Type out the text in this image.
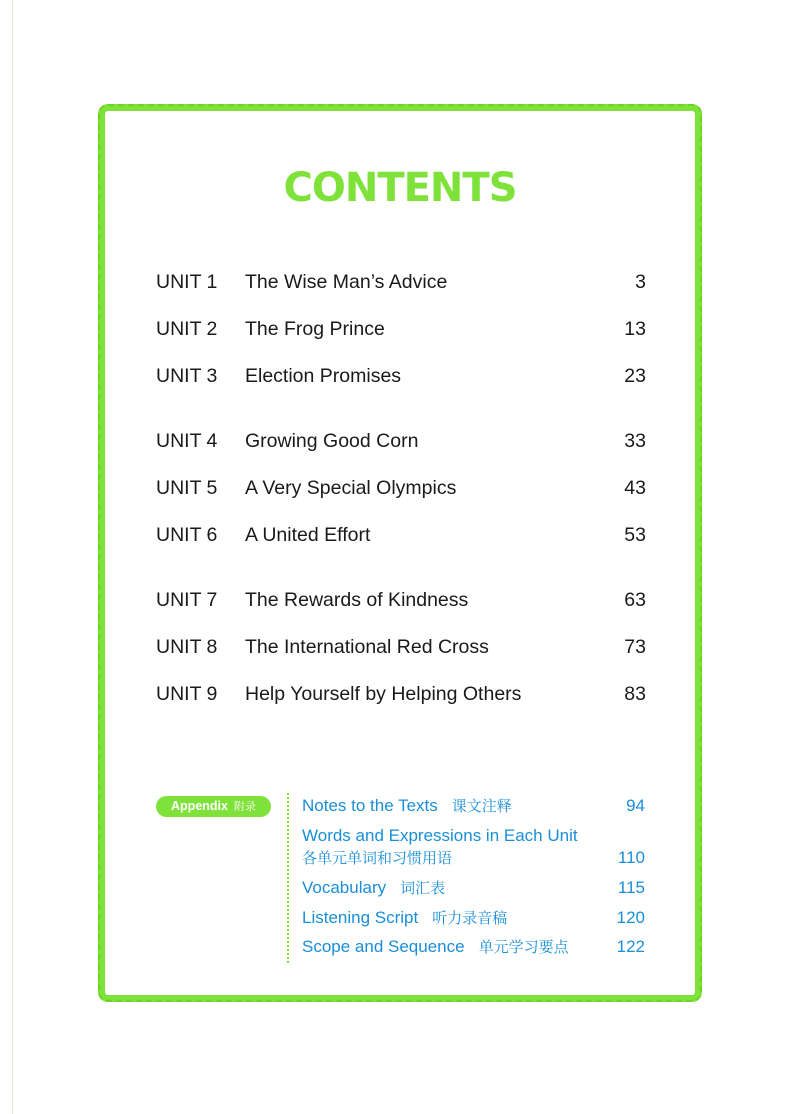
CONTENTS
UNIT 1 The Wise Man’s Advice	3
UNIT 2 The Frog Prince	13
UNIT 3 Election Promises	23
UNIT 4 Growing Good Corn	33
UNIT 5 A Very Special Olympics	43
UNIT 6 A United Effort	53
UNIT 7 The Rewards of Kindness	63
UNIT 8 The International Red Cross	73
UNIT 9 Help Yourself by Helping Others	83
Appendix 附录	Notes to the Texts 课文注释	94
Words and Expressions in Each Unit
各单元单词和习惯用语	110
Vocabulary 词汇表	115
Listening Script 听力录音稿	120
Scope and Sequence 单元学习要点	122
